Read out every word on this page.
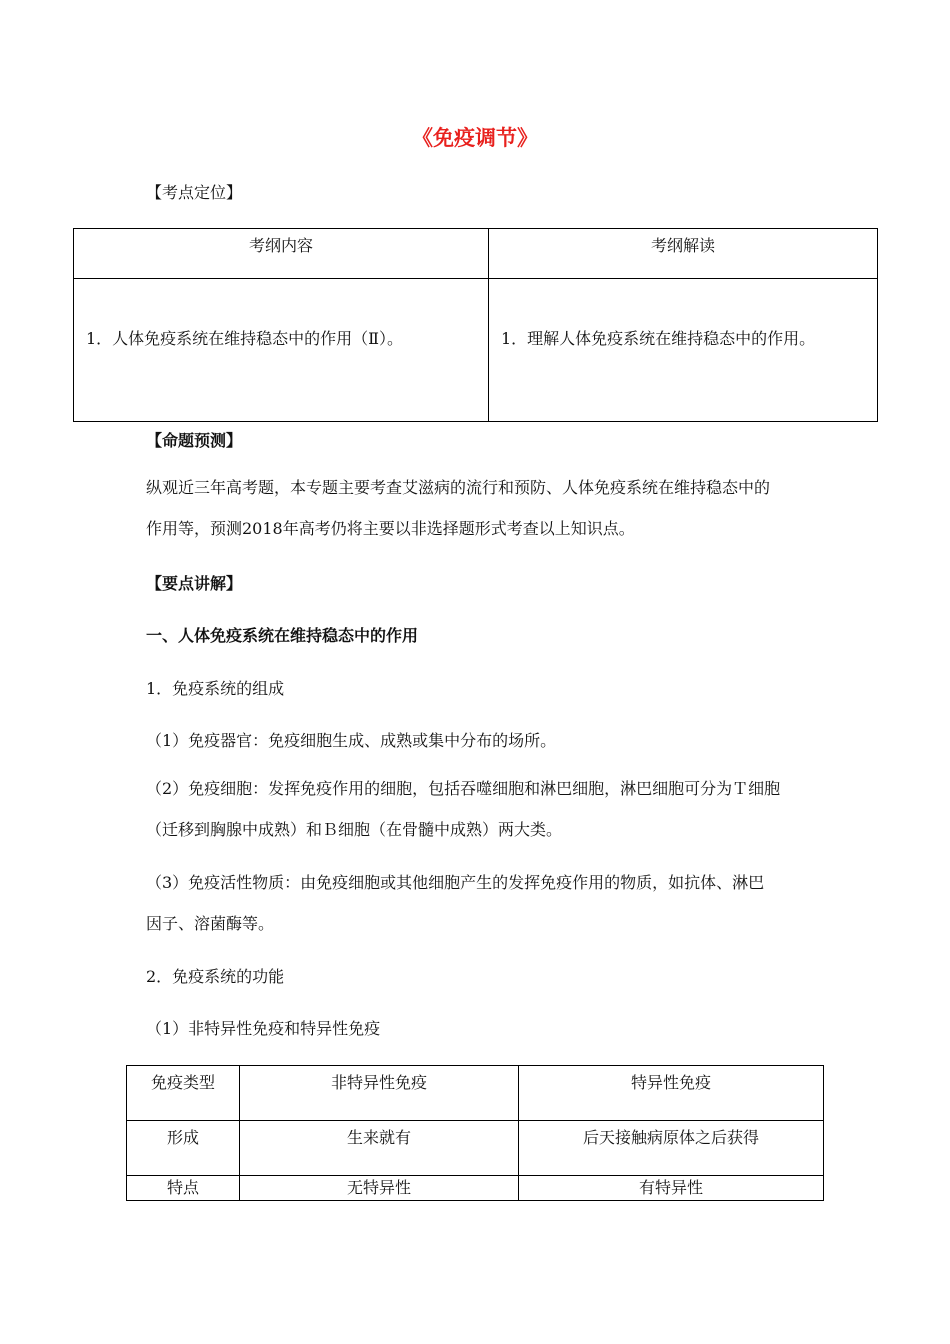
《免疫调节》
【考点定位】
考纲内容	考纲解读
1．人体免疫系统在维持稳态中的作用（Ⅱ）。	1．理解人体免疫系统在维持稳态中的作用。
【命题预测】
纵观近三年高考题，本专题主要考查艾滋病的流行和预防、人体免疫系统在维持稳态中的
作用等，预测2018年高考仍将主要以非选择题形式考查以上知识点。
【要点讲解】
一、人体免疫系统在维持稳态中的作用
1．免疫系统的组成
（1）免疫器官：免疫细胞生成、成熟或集中分布的场所。
（2）免疫细胞：发挥免疫作用的细胞，包括吞噬细胞和淋巴细胞，淋巴细胞可分为Ｔ细胞
（迁移到胸腺中成熟）和Ｂ细胞（在骨髓中成熟）两大类。
（3）免疫活性物质：由免疫细胞或其他细胞产生的发挥免疫作用的物质，如抗体、淋巴
因子、溶菌酶等。
2．免疫系统的功能
（1）非特异性免疫和特异性免疫
免疫类型	非特异性免疫	特异性免疫
形成	生来就有	后天接触病原体之后获得
特点	无特异性	有特异性
